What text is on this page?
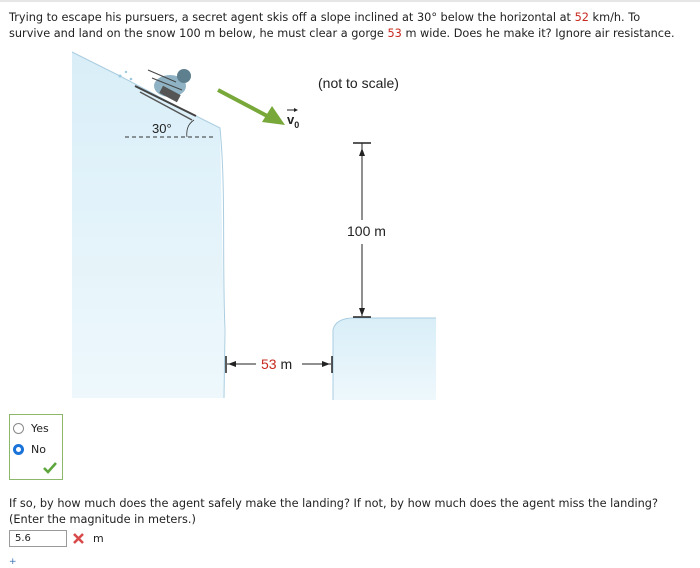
Trying to escape his pursuers, a secret agent skis off a slope inclined at 30° below the horizontal at 52 km/h. To survive and land on the snow 100 m below, he must clear a gorge 53 m wide. Does he make it? Ignore air resistance.
30°
$v_0$
(not to scale)
100 m
53 m
Yes
No
If so, by how much does the agent safely make the landing? If not, by how much does the agent miss the landing? (Enter the magnitude in meters.)
5.6	m
+
